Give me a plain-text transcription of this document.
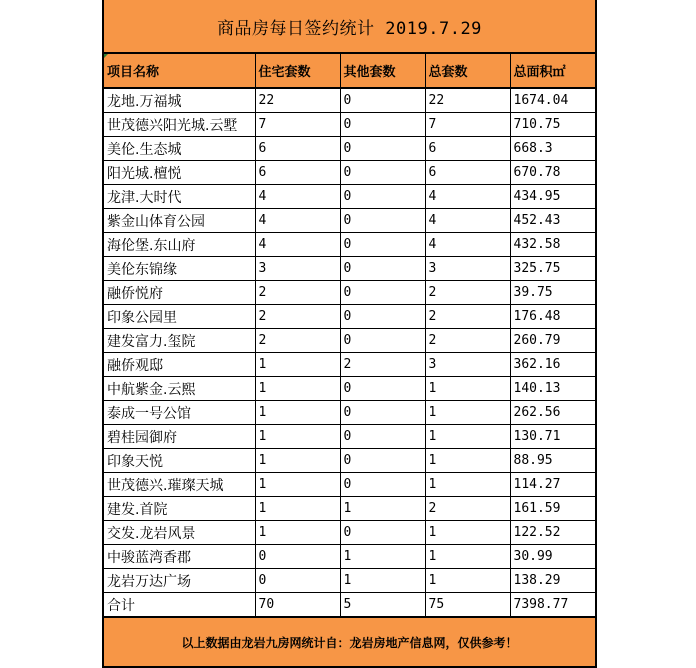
商品房每日签约统计 2019.7.29
项目名称	住宅套数	其他套数	总套数	总面积㎡
龙地.万福城	22	0	22	1674.04
世茂德兴阳光城.云墅	7	0	7	710.75
美伦.生态城	6	0	6	668.3
阳光城.檀悦	6	0	6	670.78
龙津.大时代	4	0	4	434.95
紫金山体育公园	4	0	4	452.43
海伦堡.东山府	4	0	4	432.58
美伦东锦缘	3	0	3	325.75
融侨悦府	2	0	2	39.75
印象公园里	2	0	2	176.48
建发富力.玺院	2	0	2	260.79
融侨观邸	1	2	3	362.16
中航紫金.云熙	1	0	1	140.13
泰成一号公馆	1	0	1	262.56
碧桂园御府	1	0	1	130.71
印象天悦	1	0	1	88.95
世茂德兴.璀璨天城	1	0	1	114.27
建发.首院	1	1	2	161.59
交发.龙岩风景	1	0	1	122.52
中骏蓝湾香郡	0	1	1	30.99
龙岩万达广场	0	1	1	138.29
合计	70	5	75	7398.77
以上数据由龙岩九房网统计自：龙岩房地产信息网，仅供参考！
